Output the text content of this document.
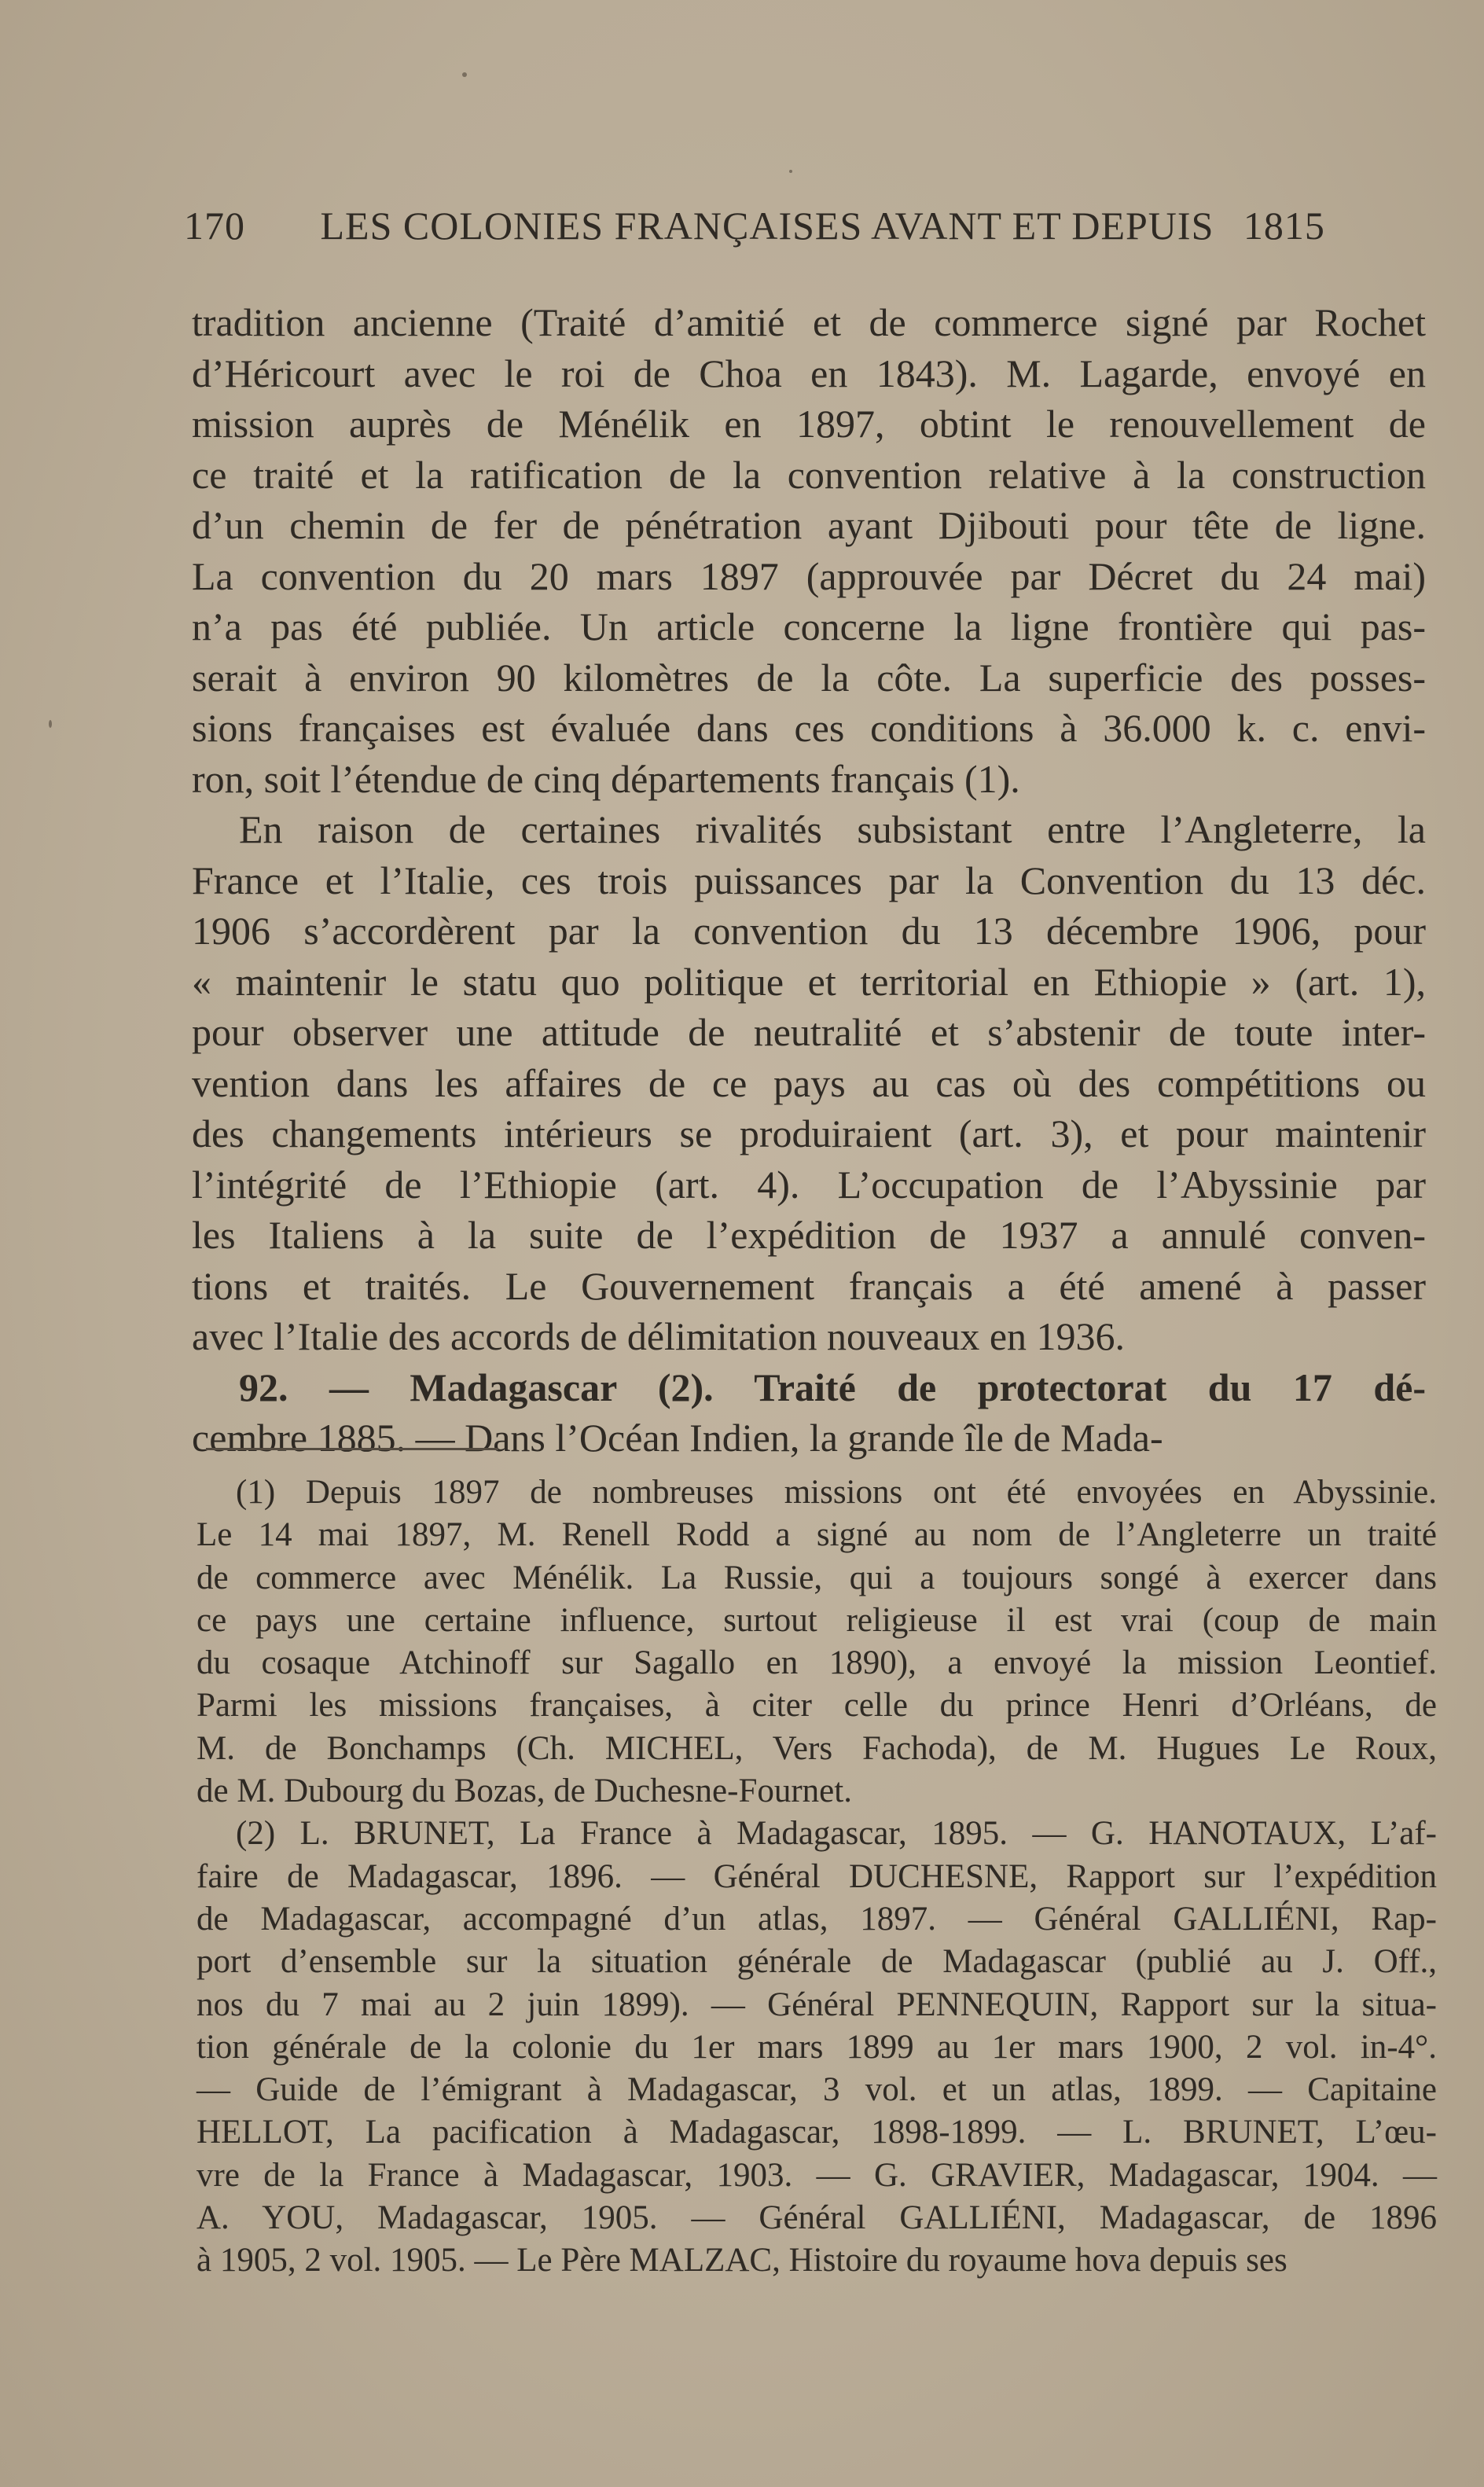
170 LES COLONIES FRANÇAISES AVANT ET DEPUIS 1815
tradition ancienne (Traité d’amitié et de commerce signé par Rochet
d’Héricourt avec le roi de Choa en 1843). M. Lagarde, envoyé en
mission auprès de Ménélik en 1897, obtint le renouvellement de
ce traité et la ratification de la convention relative à la construction
d’un chemin de fer de pénétration ayant Djibouti pour tête de ligne.
La convention du 20 mars 1897 (approuvée par Décret du 24 mai)
n’a pas été publiée. Un article concerne la ligne frontière qui pas-
serait à environ 90 kilomètres de la côte. La superficie des posses-
sions françaises est évaluée dans ces conditions à 36.000 k. c. envi-
ron, soit l’étendue de cinq départements français (1).
En raison de certaines rivalités subsistant entre l’Angleterre, la
France et l’Italie, ces trois puissances par la Convention du 13 déc.
1906 s’accordèrent par la convention du 13 décembre 1906, pour
« maintenir le statu quo politique et territorial en Ethiopie » (art. 1),
pour observer une attitude de neutralité et s’abstenir de toute inter-
vention dans les affaires de ce pays au cas où des compétitions ou
des changements intérieurs se produiraient (art. 3), et pour maintenir
l’intégrité de l’Ethiopie (art. 4). L’occupation de l’Abyssinie par
les Italiens à la suite de l’expédition de 1937 a annulé conven-
tions et traités. Le Gouvernement français a été amené à passer
avec l’Italie des accords de délimitation nouveaux en 1936.
92. — Madagascar (2). Traité de protectorat du 17 dé-
cembre 1885. — Dans l’Océan Indien, la grande île de Mada-
(1) Depuis 1897 de nombreuses missions ont été envoyées en Abyssinie.
Le 14 mai 1897, M. Renell Rodd a signé au nom de l’Angleterre un traité
de commerce avec Ménélik. La Russie, qui a toujours songé à exercer dans
ce pays une certaine influence, surtout religieuse il est vrai (coup de main
du cosaque Atchinoff sur Sagallo en 1890), a envoyé la mission Leontief.
Parmi les missions françaises, à citer celle du prince Henri d’Orléans, de
M. de Bonchamps (Ch. MICHEL, Vers Fachoda), de M. Hugues Le Roux,
de M. Dubourg du Bozas, de Duchesne-Fournet.
(2) L. BRUNET, La France à Madagascar, 1895. — G. HANOTAUX, L’af-
faire de Madagascar, 1896. — Général DUCHESNE, Rapport sur l’expédition
de Madagascar, accompagné d’un atlas, 1897. — Général GALLIÉNI, Rap-
port d’ensemble sur la situation générale de Madagascar (publié au J. Off.,
nos du 7 mai au 2 juin 1899). — Général PENNEQUIN, Rapport sur la situa-
tion générale de la colonie du 1er mars 1899 au 1er mars 1900, 2 vol. in-4°.
— Guide de l’émigrant à Madagascar, 3 vol. et un atlas, 1899. — Capitaine
HELLOT, La pacification à Madagascar, 1898-1899. — L. BRUNET, L’œu-
vre de la France à Madagascar, 1903. — G. GRAVIER, Madagascar, 1904. —
A. YOU, Madagascar, 1905. — Général GALLIÉNI, Madagascar, de 1896
à 1905, 2 vol. 1905. — Le Père MALZAC, Histoire du royaume hova depuis ses
